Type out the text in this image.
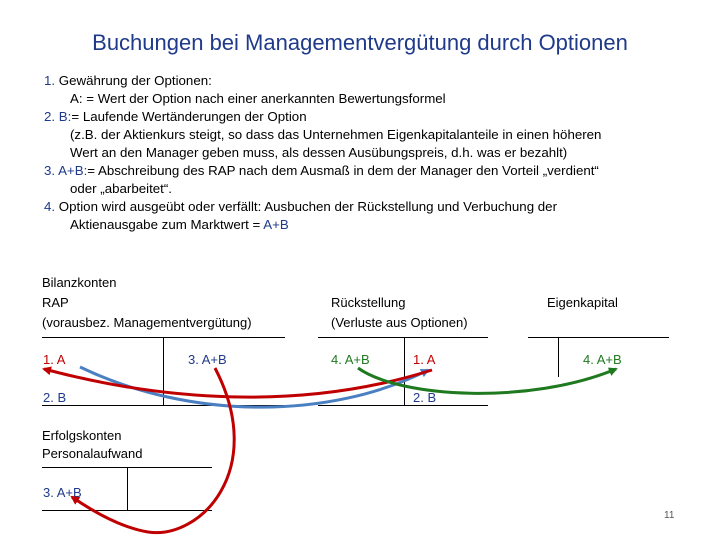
Buchungen bei Managementvergütung durch Optionen
1. Gewährung der Optionen:
A: = Wert der Option nach einer anerkannten Bewertungsformel
2. B:= Laufende Wertänderungen der Option
(z.B. der Aktienkurs steigt, so dass das Unternehmen Eigenkapitalanteile in einen höheren
Wert an den Manager geben muss, als dessen Ausübungspreis, d.h. was er bezahlt)
3. A+B:= Abschreibung des RAP nach dem Ausmaß in dem der Manager den Vorteil „verdient“
oder „abarbeitet“.
4. Option wird ausgeübt oder verfällt: Ausbuchen der Rückstellung und Verbuchung der
Aktienausgabe zum Marktwert = A+B
Bilanzkonten
RAP
(vorausbez. Managementvergütung)
Rückstellung
(Verluste aus Optionen)
Eigenkapital
1. A
2. B
3. A+B	4. A+B	1. A
2. B
4. A+B
Erfolgskonten
Personalaufwand
3. A+B
11
